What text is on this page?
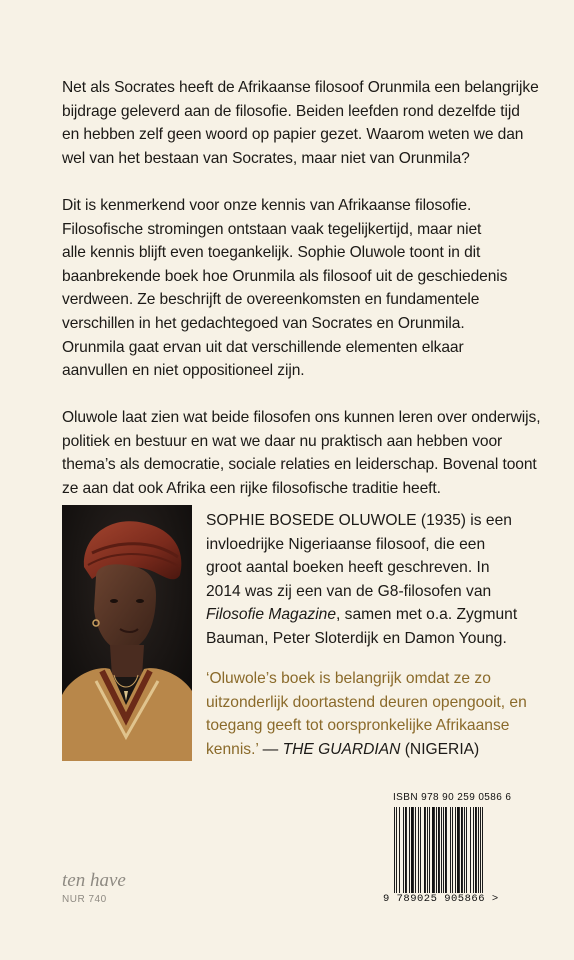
Net als Socrates heeft de Afrikaanse filosoof Orunmila een belangrijke
bijdrage geleverd aan de filosofie. Beiden leefden rond dezelfde tijd
en hebben zelf geen woord op papier gezet. Waarom weten we dan
wel van het bestaan van Socrates, maar niet van Orunmila?

Dit is kenmerkend voor onze kennis van Afrikaanse filosofie.
Filosofische stromingen ontstaan vaak tegelijkertijd, maar niet
alle kennis blijft even toegankelijk. Sophie Oluwole toont in dit
baanbrekende boek hoe Orunmila als filosoof uit de geschiedenis
verdween. Ze beschrijft de overeenkomsten en fundamentele
verschillen in het gedachtegoed van Socrates en Orunmila.
Orunmila gaat ervan uit dat verschillende elementen elkaar
aanvullen en niet oppositioneel zijn.

Oluwole laat zien wat beide filosofen ons kunnen leren over onderwijs,
politiek en bestuur en wat we daar nu praktisch aan hebben voor
thema’s als democratie, sociale relaties en leiderschap. Bovenal toont
ze aan dat ook Afrika een rijke filosofische traditie heeft.

SOPHIE BOSEDE OLUWOLE (1935) is een
invloedrijke Nigeriaanse filosoof, die een
groot aantal boeken heeft geschreven. In
2014 was zij een van de G8-filosofen van
Filosofie Magazine, samen met o.a. Zygmunt
Bauman, Peter Sloterdijk en Damon Young.

‘Oluwole’s boek is belangrijk omdat ze zo
uitzonderlijk doortastend deuren opengooit, en
toegang geeft tot oorspronkelijke Afrikaanse
kennis.’ — THE GUARDIAN (NIGERIA)

ten have
NUR 740
ISBN 978 90 259 0586 6
9 789025 905866 >
